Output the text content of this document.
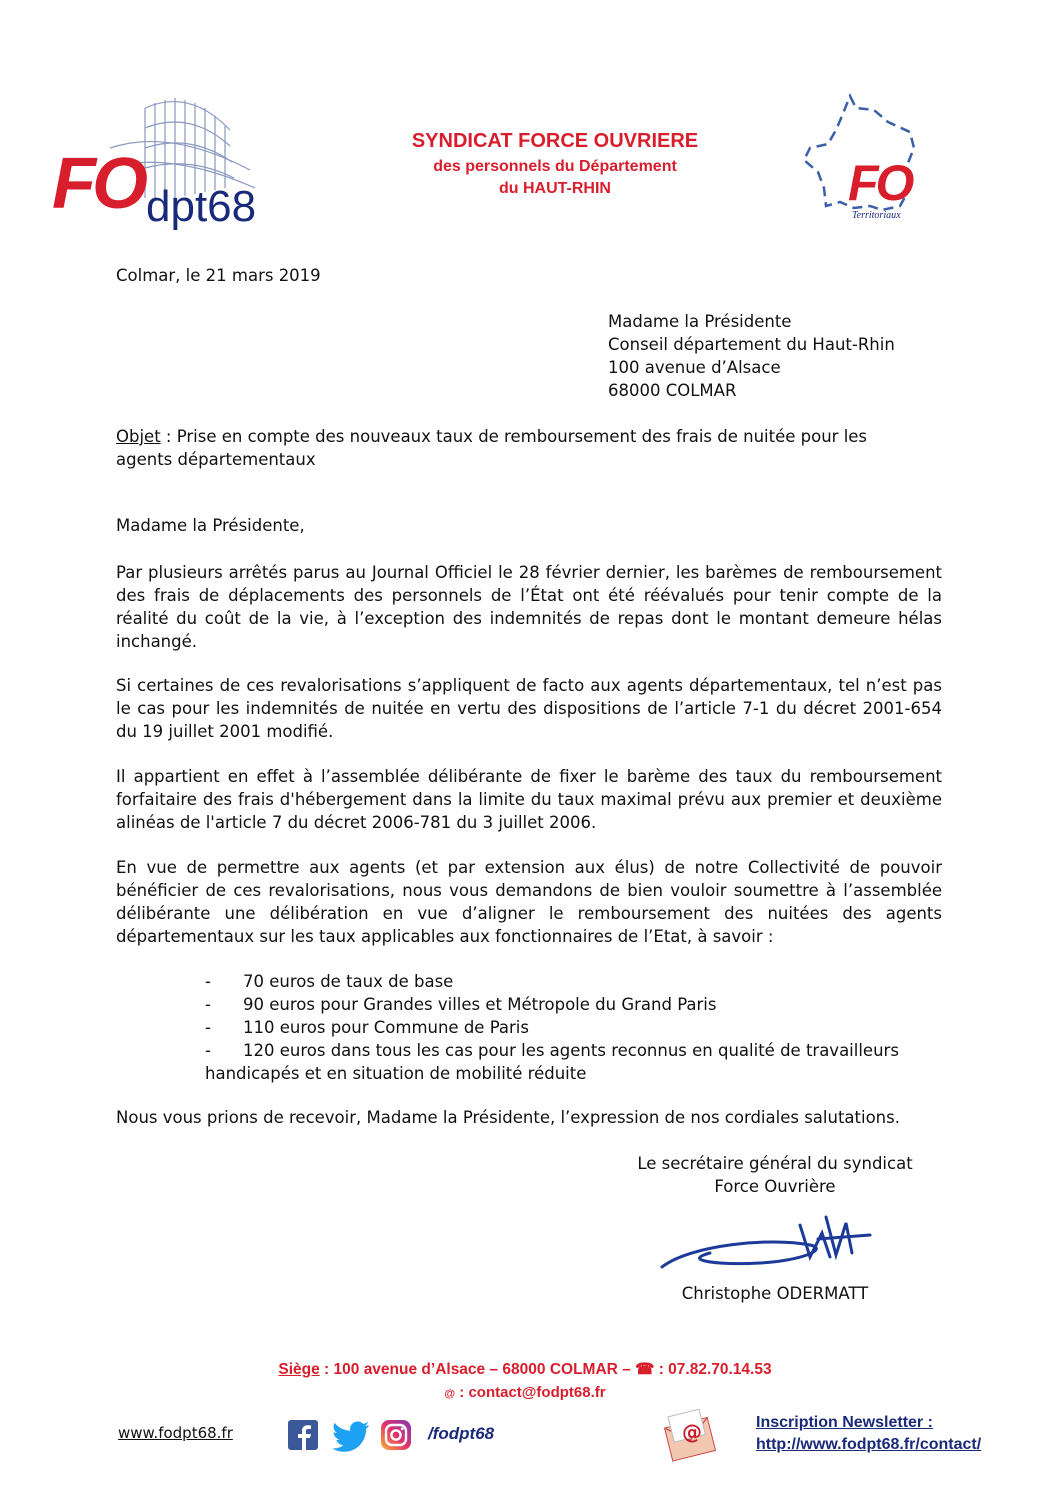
FO dpt68
SYNDICAT FORCE OUVRIERE
des personnels du Département
du HAUT-RHIN	FO
Territoriaux
Colmar, le 21 mars 2019
Madame la Présidente
Conseil département du Haut-Rhin
100 avenue d’Alsace
68000 COLMAR
Objet : Prise en compte des nouveaux taux de remboursement des frais de nuitée pour les agents départementaux
Madame la Présidente,
Par plusieurs arrêtés parus au Journal Officiel le 28 février dernier, les barèmes de remboursement des frais de déplacements des personnels de l’État ont été réévalués pour tenir compte de la réalité du coût de la vie, à l’exception des indemnités de repas dont le montant demeure hélas inchangé.
Si certaines de ces revalorisations s’appliquent de facto aux agents départementaux, tel n’est pas le cas pour les indemnités de nuitée en vertu des dispositions de l’article 7-1 du décret 2001-654 du 19 juillet 2001 modifié.
Il appartient en effet à l’assemblée délibérante de fixer le barème des taux du remboursement forfaitaire des frais d'hébergement dans la limite du taux maximal prévu aux premier et deuxième alinéas de l'article 7 du décret 2006-781 du 3 juillet 2006.
En vue de permettre aux agents (et par extension aux élus) de notre Collectivité de pouvoir bénéficier de ces revalorisations, nous vous demandons de bien vouloir soumettre à l’assemblée délibérante une délibération en vue d’aligner le remboursement des nuitées des agents départementaux sur les taux applicables aux fonctionnaires de l’Etat, à savoir :
- 70 euros de taux de base
- 90 euros pour Grandes villes et Métropole du Grand Paris
- 110 euros pour Commune de Paris
- 120 euros dans tous les cas pour les agents reconnus en qualité de travailleurs
handicapés et en situation de mobilité réduite
Nous vous prions de recevoir, Madame la Présidente, l’expression de nos cordiales salutations.
Le secrétaire général du syndicat
Force Ouvrière
Christophe ODERMATT
Siège : 100 avenue d’Alsace – 68000 COLMAR – ☎ : 07.82.70.14.53
@ : contact@fodpt68.fr
www.fodpt68.fr	/fodpt68	@	Inscription Newsletter :
http://www.fodpt68.fr/contact/
